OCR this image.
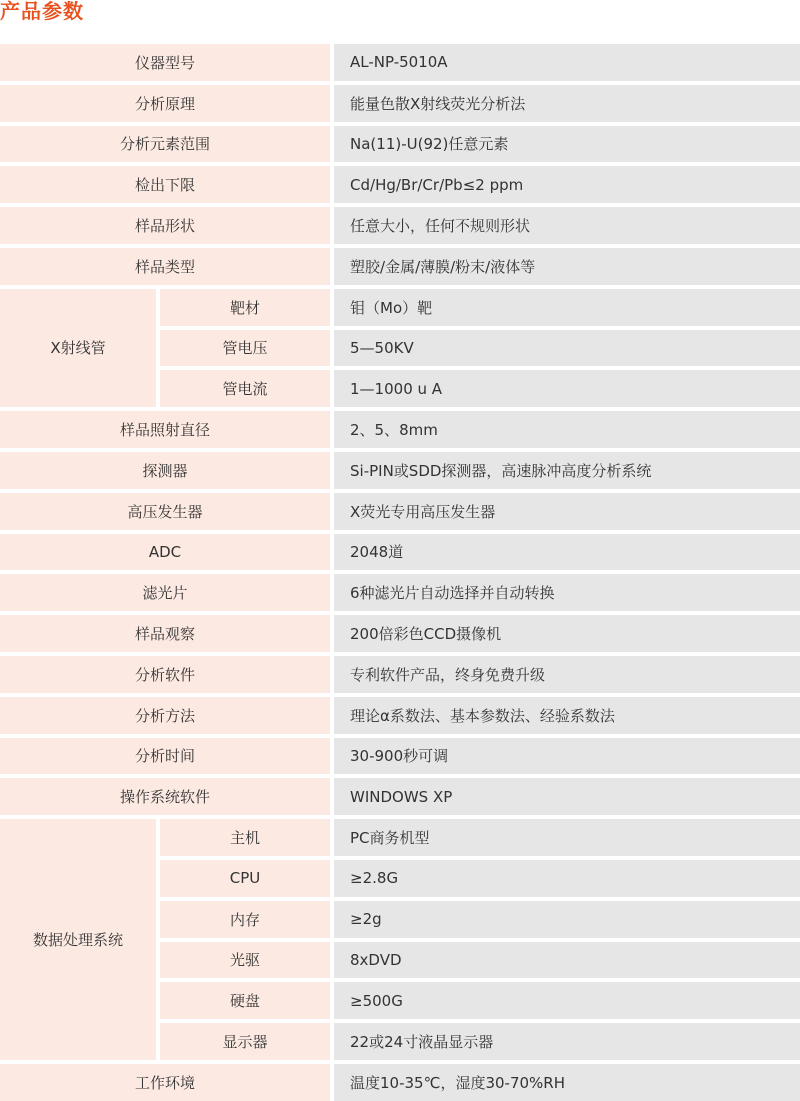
产品参数
仪器型号		AL-NP-5010A
分析原理		能量色散X射线荧光分析法
分析元素范围		Na(11)-U(92)任意元素
检出下限		Cd/Hg/Br/Cr/Pb≤2 ppm
样品形状		任意大小，任何不规则形状
样品类型		塑胶/金属/薄膜/粉末/液体等
X射线管	靶材	钼（Mo）靶
	管电压	5—50KV
	管电流	1—1000 u A
样品照射直径		2、5、8mm
探测器		Si-PIN或SDD探测器，高速脉冲高度分析系统
高压发生器		X荧光专用高压发生器
ADC		2048道
滤光片		6种滤光片自动选择并自动转换
样品观察		200倍彩色CCD摄像机
分析软件		专利软件产品，终身免费升级
分析方法		理论α系数法、基本参数法、经验系数法
分析时间		30-900秒可调
操作系统软件		WINDOWS XP
数据处理系统	主机	PC商务机型
	CPU	≥2.8G
	内存	≥2g
	光驱	8xDVD
	硬盘	≥500G
	显示器	22或24寸液晶显示器
工作环境		温度10-35℃，湿度30-70%RH
